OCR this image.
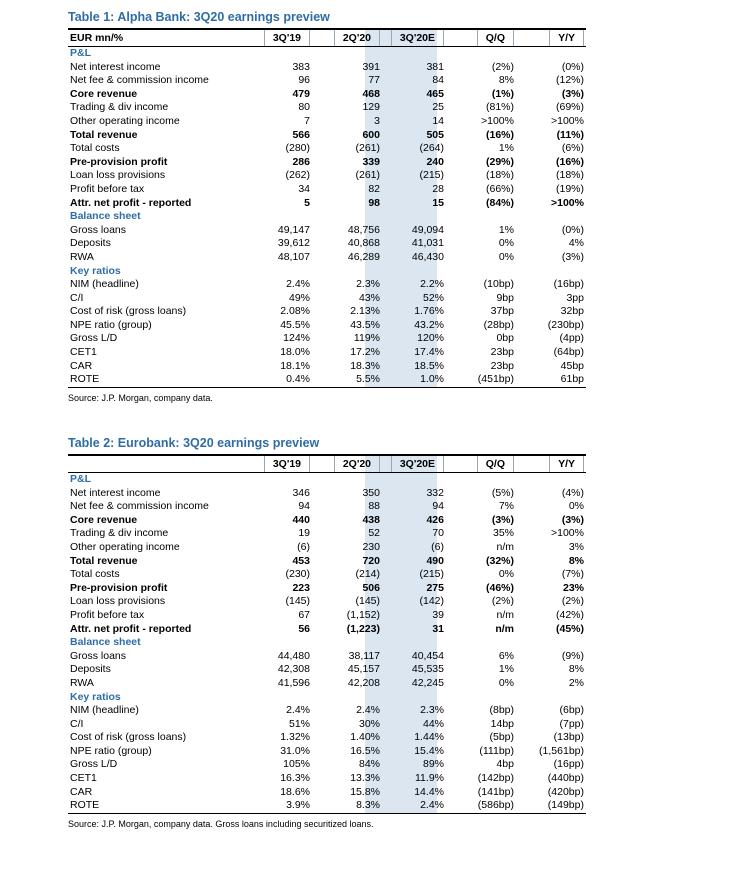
Table 1: Alpha Bank: 3Q20 earnings preview
EUR mn/%	3Q'19	2Q'20	3Q'20E	Q/Q	Y/Y
P&L
Net interest income	383	391	381	(2%)	(0%)
Net fee & commission income	96	77	84	8%	(12%)
Core revenue	479	468	465	(1%)	(3%)
Trading & div income	80	129	25	(81%)	(69%)
Other operating income	7	3	14	>100%	>100%
Total revenue	566	600	505	(16%)	(11%)
Total costs	(280)	(261)	(264)	1%	(6%)
Pre-provision profit	286	339	240	(29%)	(16%)
Loan loss provisions	(262)	(261)	(215)	(18%)	(18%)
Profit before tax	34	82	28	(66%)	(19%)
Attr. net profit - reported	5	98	15	(84%)	>100%
Balance sheet
Gross loans	49,147	48,756	49,094	1%	(0%)
Deposits	39,612	40,868	41,031	0%	4%
RWA	48,107	46,289	46,430	0%	(3%)
Key ratios
NIM (headline)	2.4%	2.3%	2.2%	(10bp)	(16bp)
C/I	49%	43%	52%	9bp	3pp
Cost of risk (gross loans)	2.08%	2.13%	1.76%	37bp	32bp
NPE ratio (group)	45.5%	43.5%	43.2%	(28bp)	(230bp)
Gross L/D	124%	119%	120%	0bp	(4pp)
CET1	18.0%	17.2%	17.4%	23bp	(64bp)
CAR	18.1%	18.3%	18.5%	23bp	45bp
ROTE	0.4%	5.5%	1.0%	(451bp)	61bp
Source: J.P. Morgan, company data.
Table 2: Eurobank: 3Q20 earnings preview
3Q'19	2Q'20	3Q'20E	Q/Q	Y/Y
P&L
Net interest income	346	350	332	(5%)	(4%)
Net fee & commission income	94	88	94	7%	0%
Core revenue	440	438	426	(3%)	(3%)
Trading & div income	19	52	70	35%	>100%
Other operating income	(6)	230	(6)	n/m	3%
Total revenue	453	720	490	(32%)	8%
Total costs	(230)	(214)	(215)	0%	(7%)
Pre-provision profit	223	506	275	(46%)	23%
Loan loss provisions	(145)	(145)	(142)	(2%)	(2%)
Profit before tax	67	(1,152)	39	n/m	(42%)
Attr. net profit - reported	56	(1,223)	31	n/m	(45%)
Balance sheet
Gross loans	44,480	38,117	40,454	6%	(9%)
Deposits	42,308	45,157	45,535	1%	8%
RWA	41,596	42,208	42,245	0%	2%
Key ratios
NIM (headline)	2.4%	2.4%	2.3%	(8bp)	(6bp)
C/I	51%	30%	44%	14bp	(7pp)
Cost of risk (gross loans)	1.32%	1.40%	1.44%	(5bp)	(13bp)
NPE ratio (group)	31.0%	16.5%	15.4%	(111bp)	(1,561bp)
Gross L/D	105%	84%	89%	4bp	(16pp)
CET1	16.3%	13.3%	11.9%	(142bp)	(440bp)
CAR	18.6%	15.8%	14.4%	(141bp)	(420bp)
ROTE	3.9%	8.3%	2.4%	(586bp)	(149bp)
Source: J.P. Morgan, company data. Gross loans including securitized loans.
